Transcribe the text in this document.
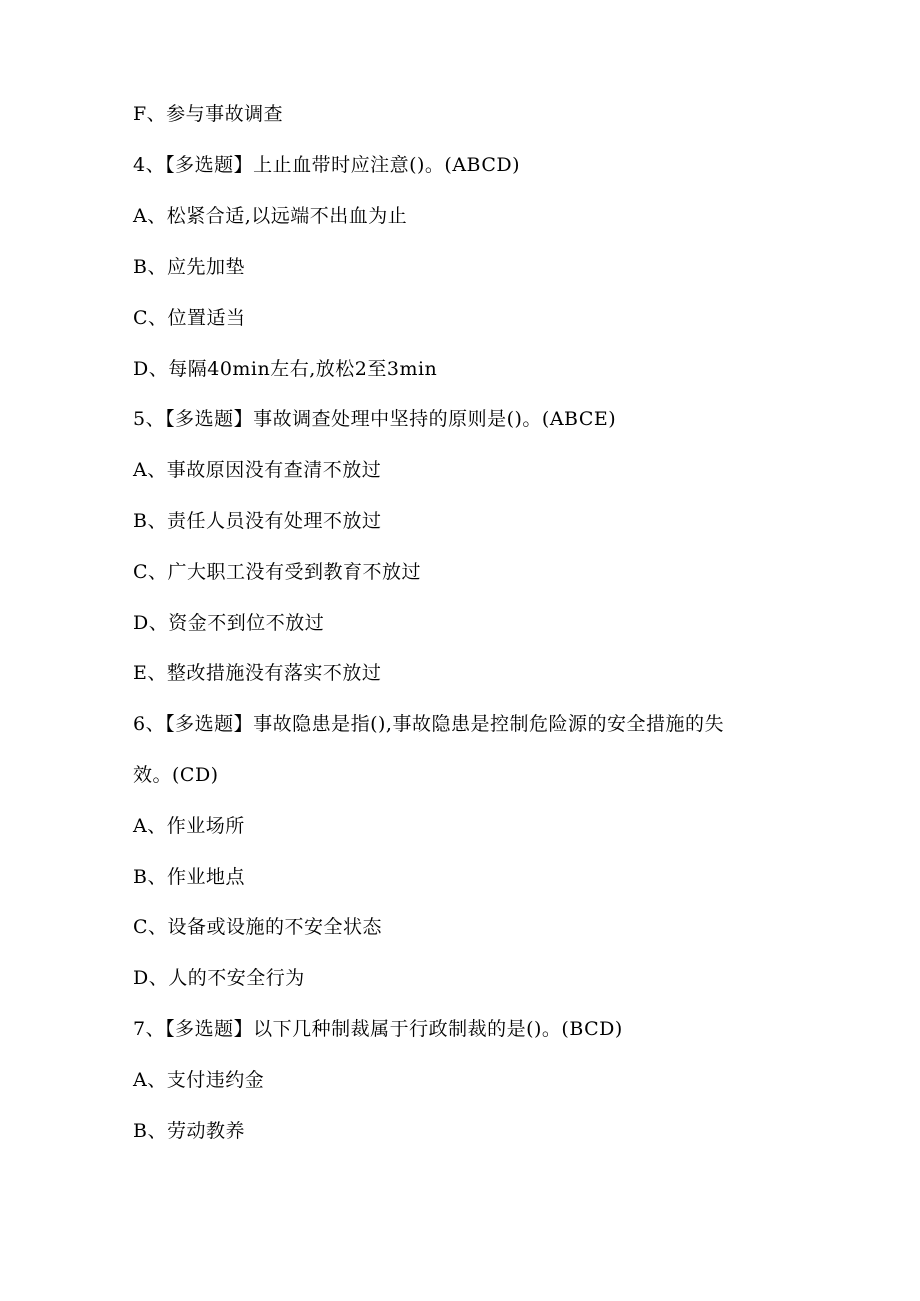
F、参与事故调查
4、【多选题】上止血带时应注意()。(ABCD)
A、松紧合适,以远端不出血为止
B、应先加垫
C、位置适当
D、每隔40min左右,放松2至3min
5、【多选题】事故调查处理中坚持的原则是()。(ABCE)
A、事故原因没有查清不放过
B、责任人员没有处理不放过
C、广大职工没有受到教育不放过
D、资金不到位不放过
E、整改措施没有落实不放过
6、【多选题】事故隐患是指(),事故隐患是控制危险源的安全措施的失
效。(CD)
A、作业场所
B、作业地点
C、设备或设施的不安全状态
D、人的不安全行为
7、【多选题】以下几种制裁属于行政制裁的是()。(BCD)
A、支付违约金
B、劳动教养
